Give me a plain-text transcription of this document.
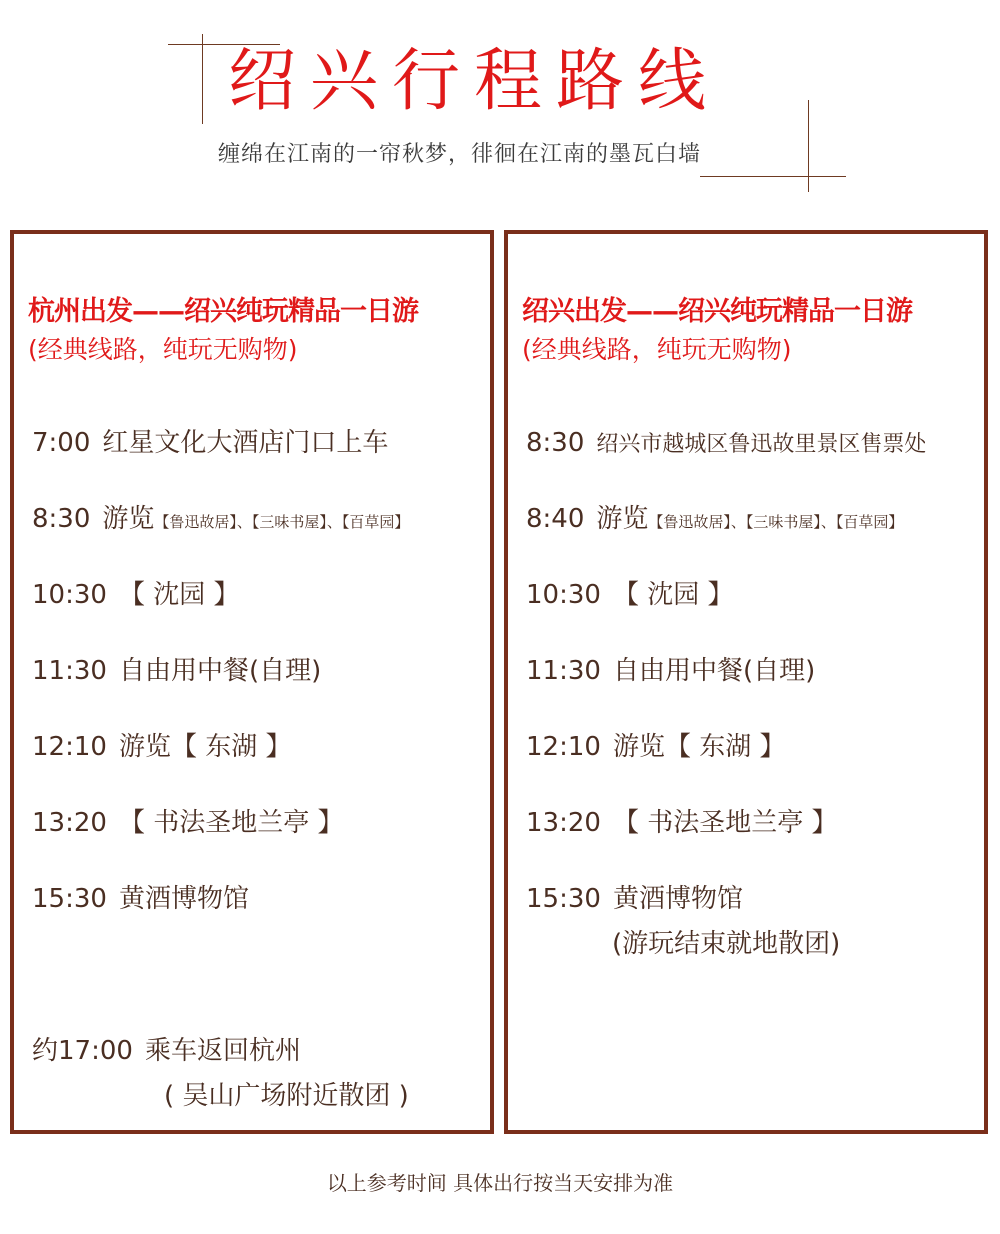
绍兴行程路线
缠绵在江南的一帘秋梦，徘徊在江南的墨瓦白墙
杭州出发——绍兴纯玩精品一日游
(经典线路，纯玩无购物)
7:00 红星文化大酒店门口上车
8:30 游览【鲁迅故居】、【三味书屋】、【百草园】
10:30 【 沈园 】
11:30 自由用中餐(自理)
12:10 游览【 东湖 】
13:20 【 书法圣地兰亭 】
15:30 黄酒博物馆
约17:00 乘车返回杭州
( 吴山广场附近散团 )
绍兴出发——绍兴纯玩精品一日游
(经典线路，纯玩无购物)
8:30 绍兴市越城区鲁迅故里景区售票处
8:40 游览【鲁迅故居】、【三味书屋】、【百草园】
10:30 【 沈园 】
11:30 自由用中餐(自理)
12:10 游览【 东湖 】
13:20 【 书法圣地兰亭 】
15:30 黄酒博物馆
(游玩结束就地散团)
以上参考时间 具体出行按当天安排为准
